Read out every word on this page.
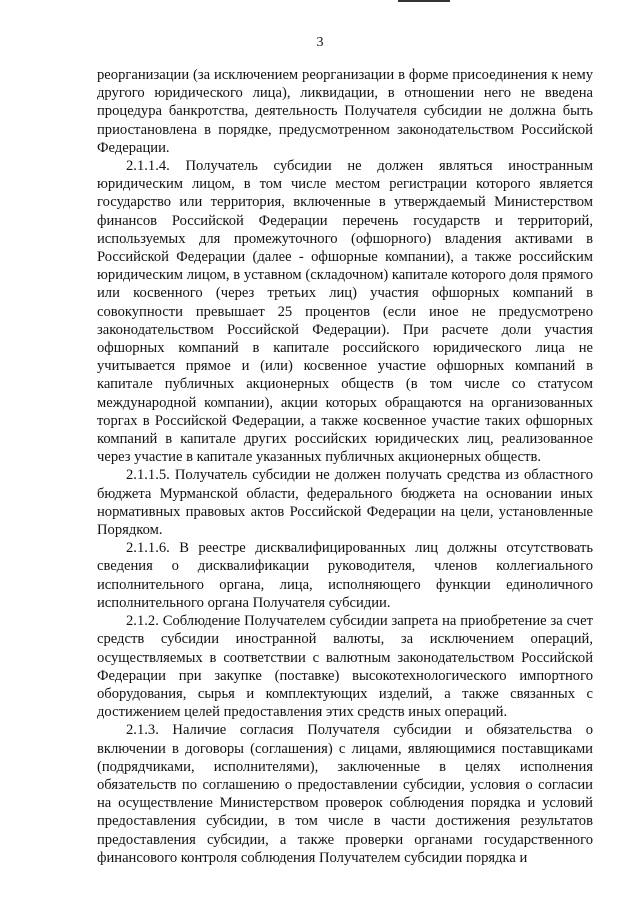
3

реорганизации (за исключением реорганизации в форме присоединения к нему другого юридического лица), ликвидации, в отношении него не введена процедура банкротства, деятельность Получателя субсидии не должна быть приостановлена в порядке, предусмотренном законодательством Российской Федерации.

2.1.1.4. Получатель субсидии не должен являться иностранным юридическим лицом, в том числе местом регистрации которого является государство или территория, включенные в утверждаемый Министерством финансов Российской Федерации перечень государств и территорий, используемых для промежуточного (офшорного) владения активами в Российской Федерации (далее - офшорные компании), а также российским юридическим лицом, в уставном (складочном) капитале которого доля прямого или косвенного (через третьих лиц) участия офшорных компаний в совокупности превышает 25 процентов (если иное не предусмотрено законодательством Российской Федерации). При расчете доли участия офшорных компаний в капитале российского юридического лица не учитывается прямое и (или) косвенное участие офшорных компаний в капитале публичных акционерных обществ (в том числе со статусом международной компании), акции которых обращаются на организованных торгах в Российской Федерации, а также косвенное участие таких офшорных компаний в капитале других российских юридических лиц, реализованное через участие в капитале указанных публичных акционерных обществ.

2.1.1.5. Получатель субсидии не должен получать средства из областного бюджета Мурманской области, федерального бюджета на основании иных нормативных правовых актов Российской Федерации на цели, установленные Порядком.

2.1.1.6. В реестре дисквалифицированных лиц должны отсутствовать сведения о дисквалификации руководителя, членов коллегиального исполнительного органа, лица, исполняющего функции единоличного исполнительного органа Получателя субсидии.

2.1.2. Соблюдение Получателем субсидии запрета на приобретение за счет средств субсидии иностранной валюты, за исключением операций, осуществляемых в соответствии с валютным законодательством Российской Федерации при закупке (поставке) высокотехнологического импортного оборудования, сырья и комплектующих изделий, а также связанных с достижением целей предоставления этих средств иных операций.

2.1.3. Наличие согласия Получателя субсидии и обязательства о включении в договоры (соглашения) с лицами, являющимися поставщиками (подрядчиками, исполнителями), заключенные в целях исполнения обязательств по соглашению о предоставлении субсидии, условия о согласии на осуществление Министерством проверок соблюдения порядка и условий предоставления субсидии, в том числе в части достижения результатов предоставления субсидии, а также проверки органами государственного финансового контроля соблюдения Получателем субсидии порядка и
